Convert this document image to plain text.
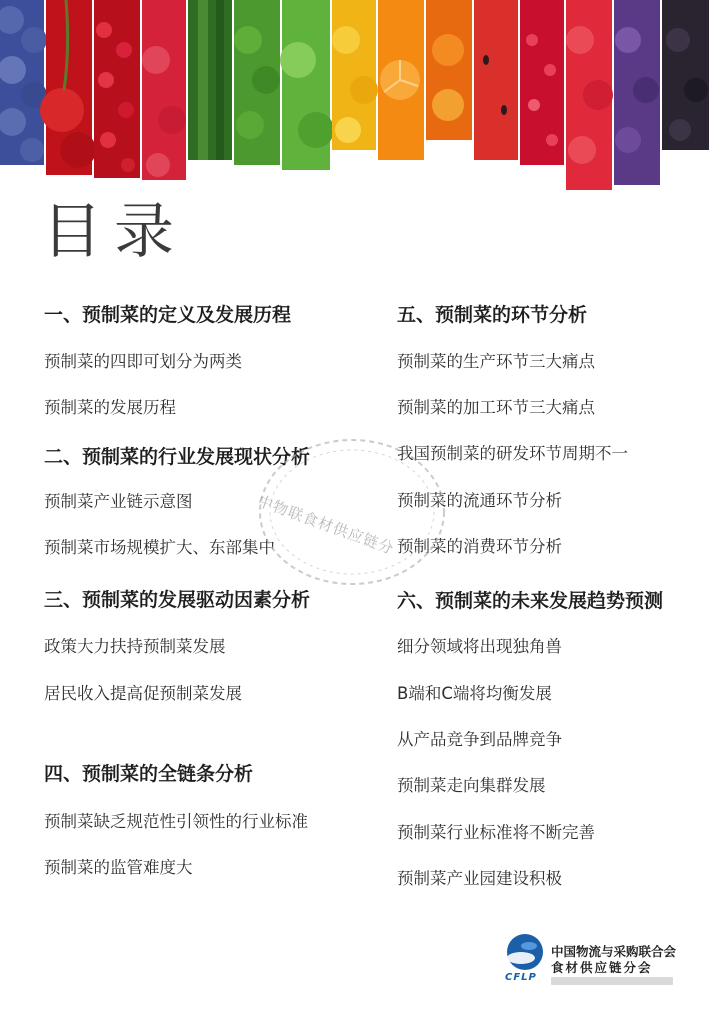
目录

一、预制菜的定义及发展历程

预制菜的四即可划分为两类

预制菜的发展历程

二、预制菜的行业发展现状分析

预制菜产业链示意图

预制菜市场规模扩大、东部集中

三、预制菜的发展驱动因素分析

政策大力扶持预制菜发展

居民收入提高促预制菜发展

四、预制菜的全链条分析

预制菜缺乏规范性引领性的行业标准

预制菜的监管难度大

五、预制菜的环节分析

预制菜的生产环节三大痛点

预制菜的加工环节三大痛点

我国预制菜的研发环节周期不一

预制菜的流通环节分析

预制菜的消费环节分析

六、预制菜的未来发展趋势预测

细分领域将出现独角兽

B端和C端将均衡发展

从产品竞争到品牌竞争

预制菜走向集群发展

预制菜行业标准将不断完善

预制菜产业园建设积极

中物联食材供应链分
CFLP
中国物流与采购联合会
食材供应链分会
